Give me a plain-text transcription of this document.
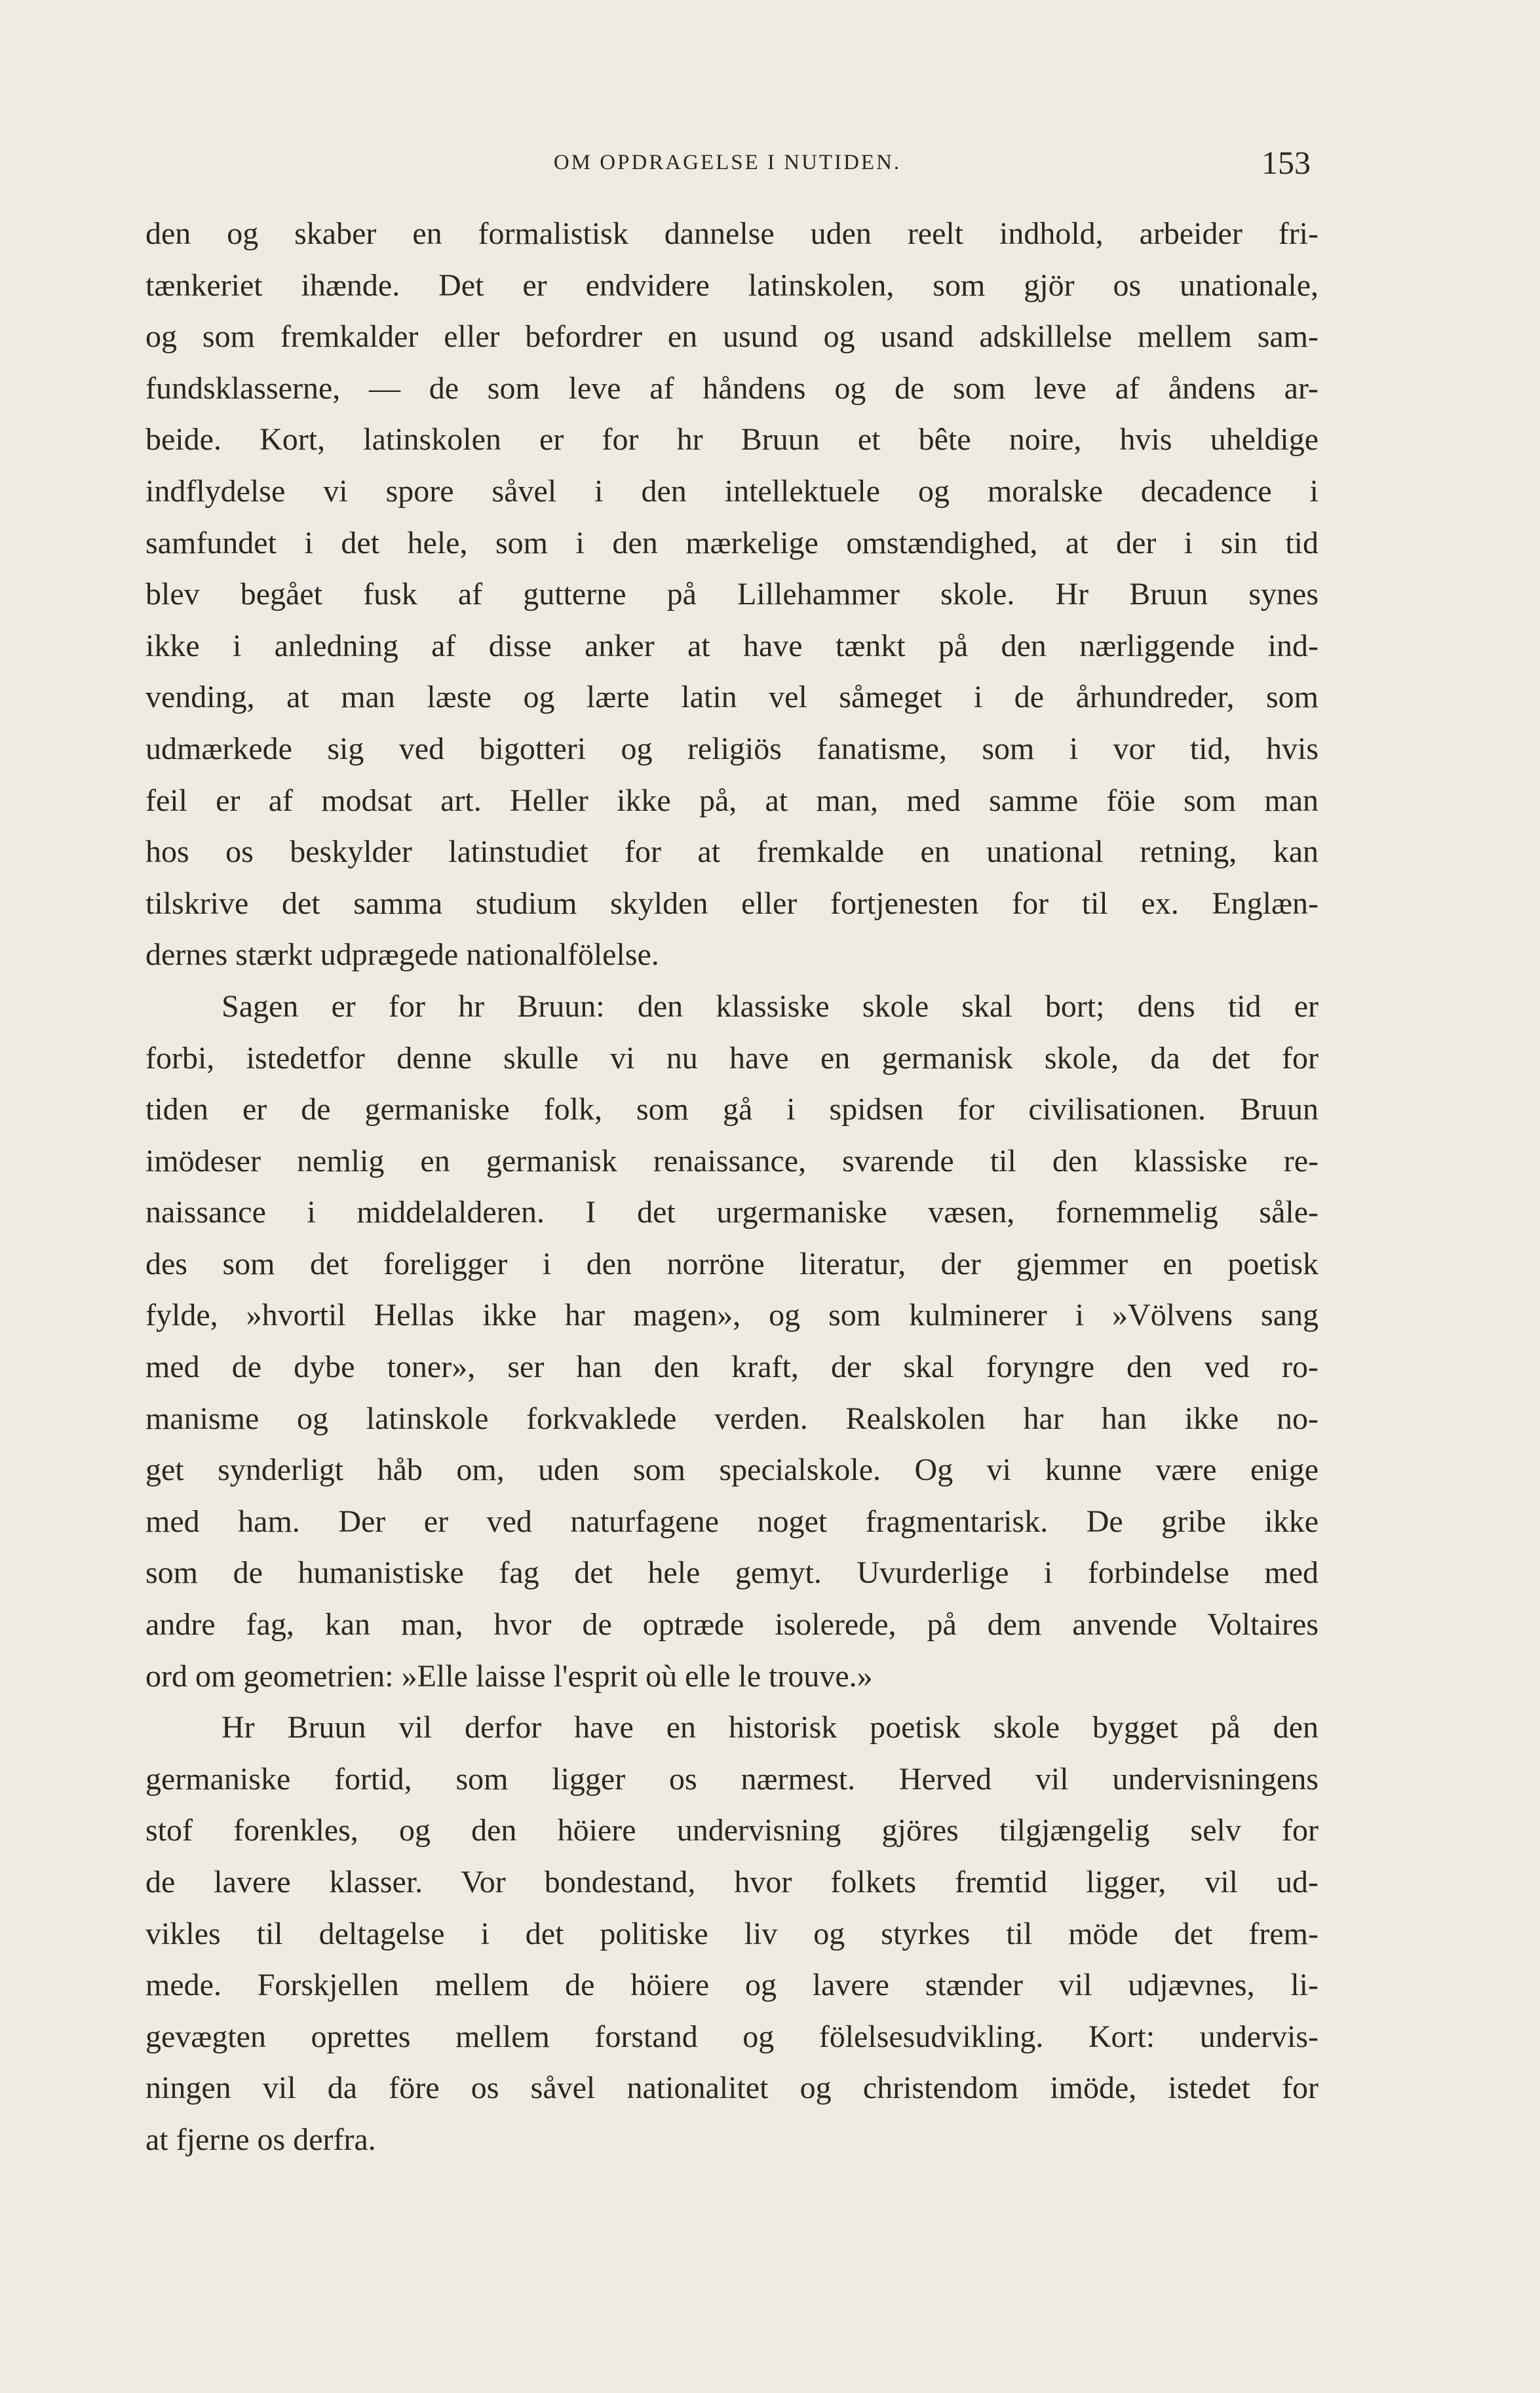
OM OPDRAGELSE I NUTIDEN.	153
den og skaber en formalistisk dannelse uden reelt indhold, arbeider fri-
tænkeriet ihænde. Det er endvidere latinskolen, som gjör os unationale,
og som fremkalder eller befordrer en usund og usand adskillelse mellem sam-
fundsklasserne, — de som leve af håndens og de som leve af åndens ar-
beide. Kort, latinskolen er for hr Bruun et bête noire, hvis uheldige
indflydelse vi spore såvel i den intellektuele og moralske decadence i
samfundet i det hele, som i den mærkelige omstændighed, at der i sin tid
blev begået fusk af gutterne på Lillehammer skole. Hr Bruun synes
ikke i anledning af disse anker at have tænkt på den nærliggende ind-
vending, at man læste og lærte latin vel såmeget i de århundreder, som
udmærkede sig ved bigotteri og religiös fanatisme, som i vor tid, hvis
feil er af modsat art. Heller ikke på, at man, med samme föie som man
hos os beskylder latinstudiet for at fremkalde en unational retning, kan
tilskrive det samma studium skylden eller fortjenesten for til ex. Englæn-
dernes stærkt udprægede nationalfölelse.
Sagen er for hr Bruun: den klassiske skole skal bort; dens tid er
forbi, istedetfor denne skulle vi nu have en germanisk skole, da det for
tiden er de germaniske folk, som gå i spidsen for civilisationen. Bruun
imödeser nemlig en germanisk renaissance, svarende til den klassiske re-
naissance i middelalderen. I det urgermaniske væsen, fornemmelig såle-
des som det foreligger i den norröne literatur, der gjemmer en poetisk
fylde, »hvortil Hellas ikke har magen», og som kulminerer i »Völvens sang
med de dybe toner», ser han den kraft, der skal foryngre den ved ro-
manisme og latinskole forkvaklede verden. Realskolen har han ikke no-
get synderligt håb om, uden som specialskole. Og vi kunne være enige
med ham. Der er ved naturfagene noget fragmentarisk. De gribe ikke
som de humanistiske fag det hele gemyt. Uvurderlige i forbindelse med
andre fag, kan man, hvor de optræde isolerede, på dem anvende Voltaires
ord om geometrien: »Elle laisse l'esprit où elle le trouve.»
Hr Bruun vil derfor have en historisk poetisk skole bygget på den
germaniske fortid, som ligger os nærmest. Herved vil undervisningens
stof forenkles, og den höiere undervisning gjöres tilgjængelig selv for
de lavere klasser. Vor bondestand, hvor folkets fremtid ligger, vil ud-
vikles til deltagelse i det politiske liv og styrkes til möde det frem-
mede. Forskjellen mellem de höiere og lavere stænder vil udjævnes, li-
gevægten oprettes mellem forstand og fölelsesudvikling. Kort: undervis-
ningen vil da före os såvel nationalitet og christendom imöde, istedet for
at fjerne os derfra.
